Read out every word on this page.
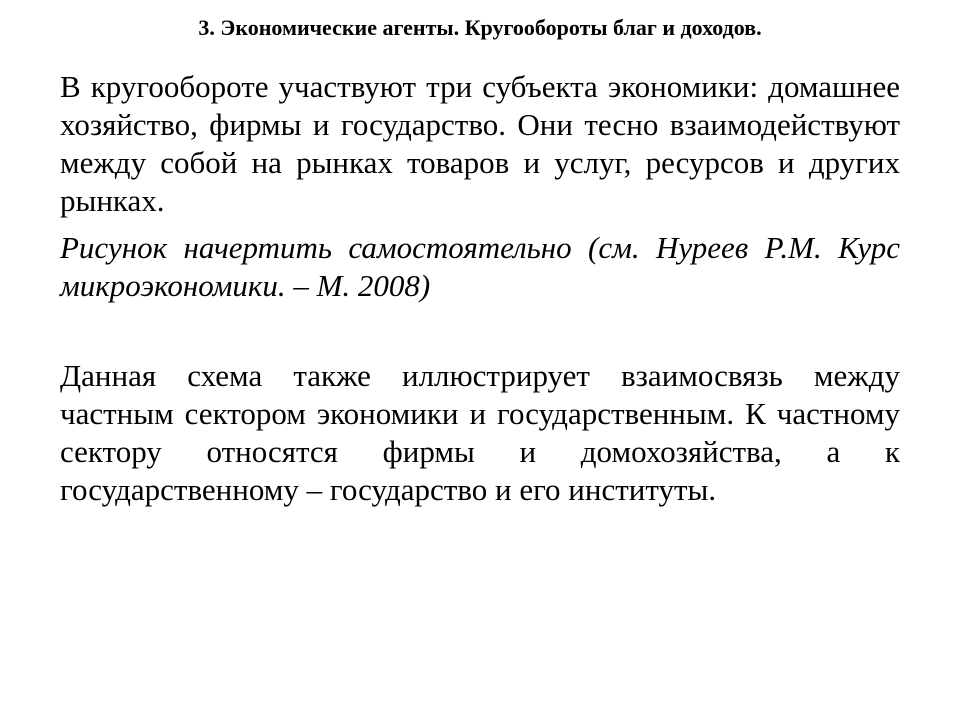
3. Экономические агенты. Кругообороты благ и доходов.

В кругообороте участвуют три субъекта экономики: домашнее хозяйство, фирмы и государство. Они тесно взаимодействуют между собой на рынках товаров и услуг, ресурсов и других рынках.

Рисунок начертить самостоятельно (см. Нуреев Р.М. Курс микроэкономики. – М. 2008)

Данная схема также иллюстрирует взаимосвязь между частным сектором экономики и государственным. К частному сектору относятся фирмы и домохозяйства, а к государственному – государство и его институты.
